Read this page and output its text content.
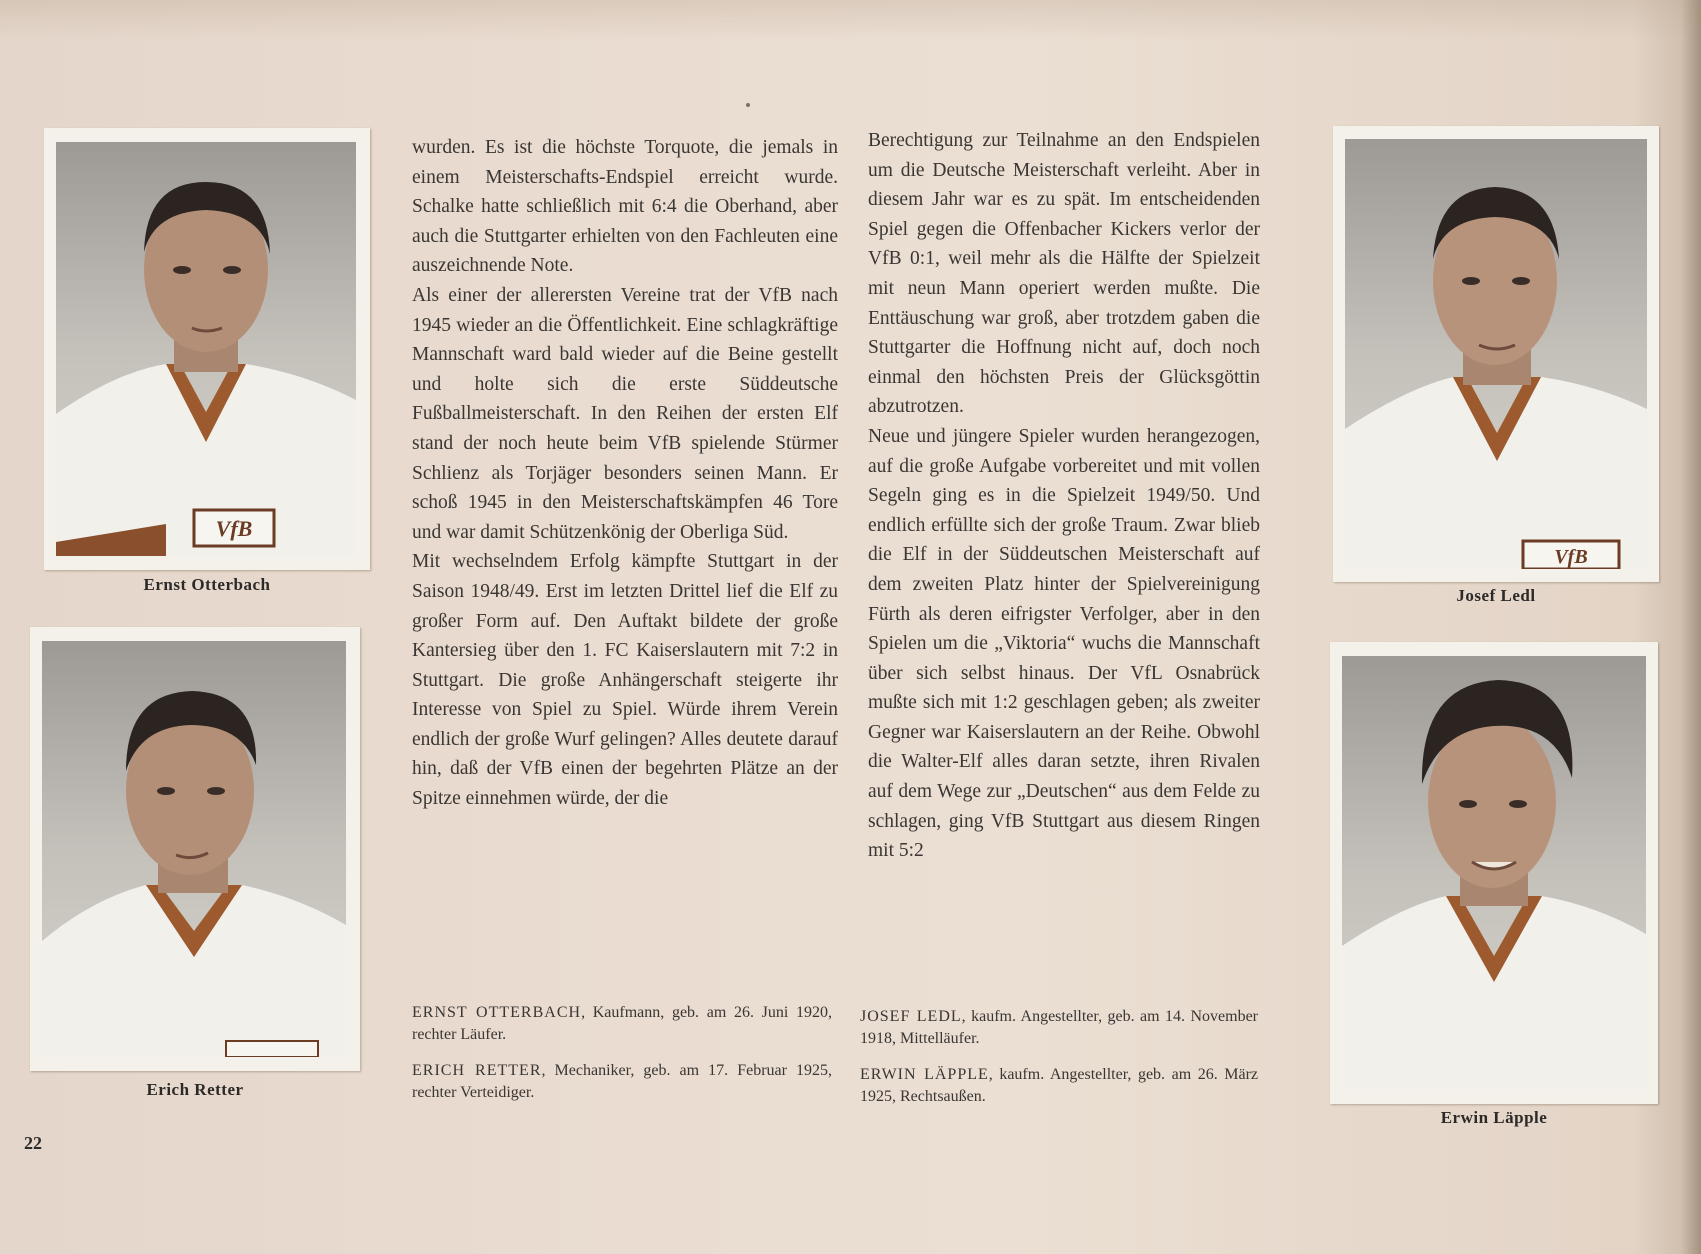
VfB
Ernst Otterbach
Erich Retter
VfB
Josef Ledl
Erwin Läpple

wurden. Es ist die höchste Torquote, die jemals in einem Meisterschafts-Endspiel erreicht wurde. Schalke hatte schließlich mit 6:4 die Oberhand, aber auch die Stuttgarter erhielten von den Fachleuten eine auszeichnende Note.

Als einer der allerersten Vereine trat der VfB nach 1945 wieder an die Öffentlichkeit. Eine schlagkräftige Mannschaft ward bald wieder auf die Beine gestellt und holte sich die erste Süddeutsche Fußballmeisterschaft. In den Reihen der ersten Elf stand der noch heute beim VfB spielende Stürmer Schlienz als Torjäger besonders seinen Mann. Er schoß 1945 in den Meisterschaftskämpfen 46 Tore und war damit Schützenkönig der Oberliga Süd.

Mit wechselndem Erfolg kämpfte Stuttgart in der Saison 1948/49. Erst im letzten Drittel lief die Elf zu großer Form auf. Den Auftakt bildete der große Kantersieg über den 1. FC Kaiserslautern mit 7:2 in Stuttgart. Die große Anhängerschaft steigerte ihr Interesse von Spiel zu Spiel. Würde ihrem Verein endlich der große Wurf gelingen? Alles deutete darauf hin, daß der VfB einen der begehrten Plätze an der Spitze einnehmen würde, der die

Berechtigung zur Teilnahme an den Endspielen um die Deutsche Meisterschaft verleiht. Aber in diesem Jahr war es zu spät. Im entscheidenden Spiel gegen die Offenbacher Kickers verlor der VfB 0:1, weil mehr als die Hälfte der Spielzeit mit neun Mann operiert werden mußte. Die Enttäuschung war groß, aber trotzdem gaben die Stuttgarter die Hoffnung nicht auf, doch noch einmal den höchsten Preis der Glücksgöttin abzutrotzen.

Neue und jüngere Spieler wurden herangezogen, auf die große Aufgabe vorbereitet und mit vollen Segeln ging es in die Spielzeit 1949/50. Und endlich erfüllte sich der große Traum. Zwar blieb die Elf in der Süddeutschen Meisterschaft auf dem zweiten Platz hinter der Spielvereinigung Fürth als deren eifrigster Verfolger, aber in den Spielen um die „Viktoria“ wuchs die Mannschaft über sich selbst hinaus. Der VfL Osnabrück mußte sich mit 1:2 geschlagen geben; als zweiter Gegner war Kaiserslautern an der Reihe. Obwohl die Walter-Elf alles daran setzte, ihren Rivalen auf dem Wege zur „Deutschen“ aus dem Felde zu schlagen, ging VfB Stuttgart aus diesem Ringen mit 5:2

ERNST OTTERBACH, Kaufmann, geb. am 26. Juni 1920, rechter Läufer.

ERICH RETTER, Mechaniker, geb. am 17. Februar 1925, rechter Verteidiger.

JOSEF LEDL, kaufm. Angestellter, geb. am 14. November 1918, Mittelläufer.

ERWIN LÄPPLE, kaufm. Angestellter, geb. am 26. März 1925, Rechtsaußen.

22
